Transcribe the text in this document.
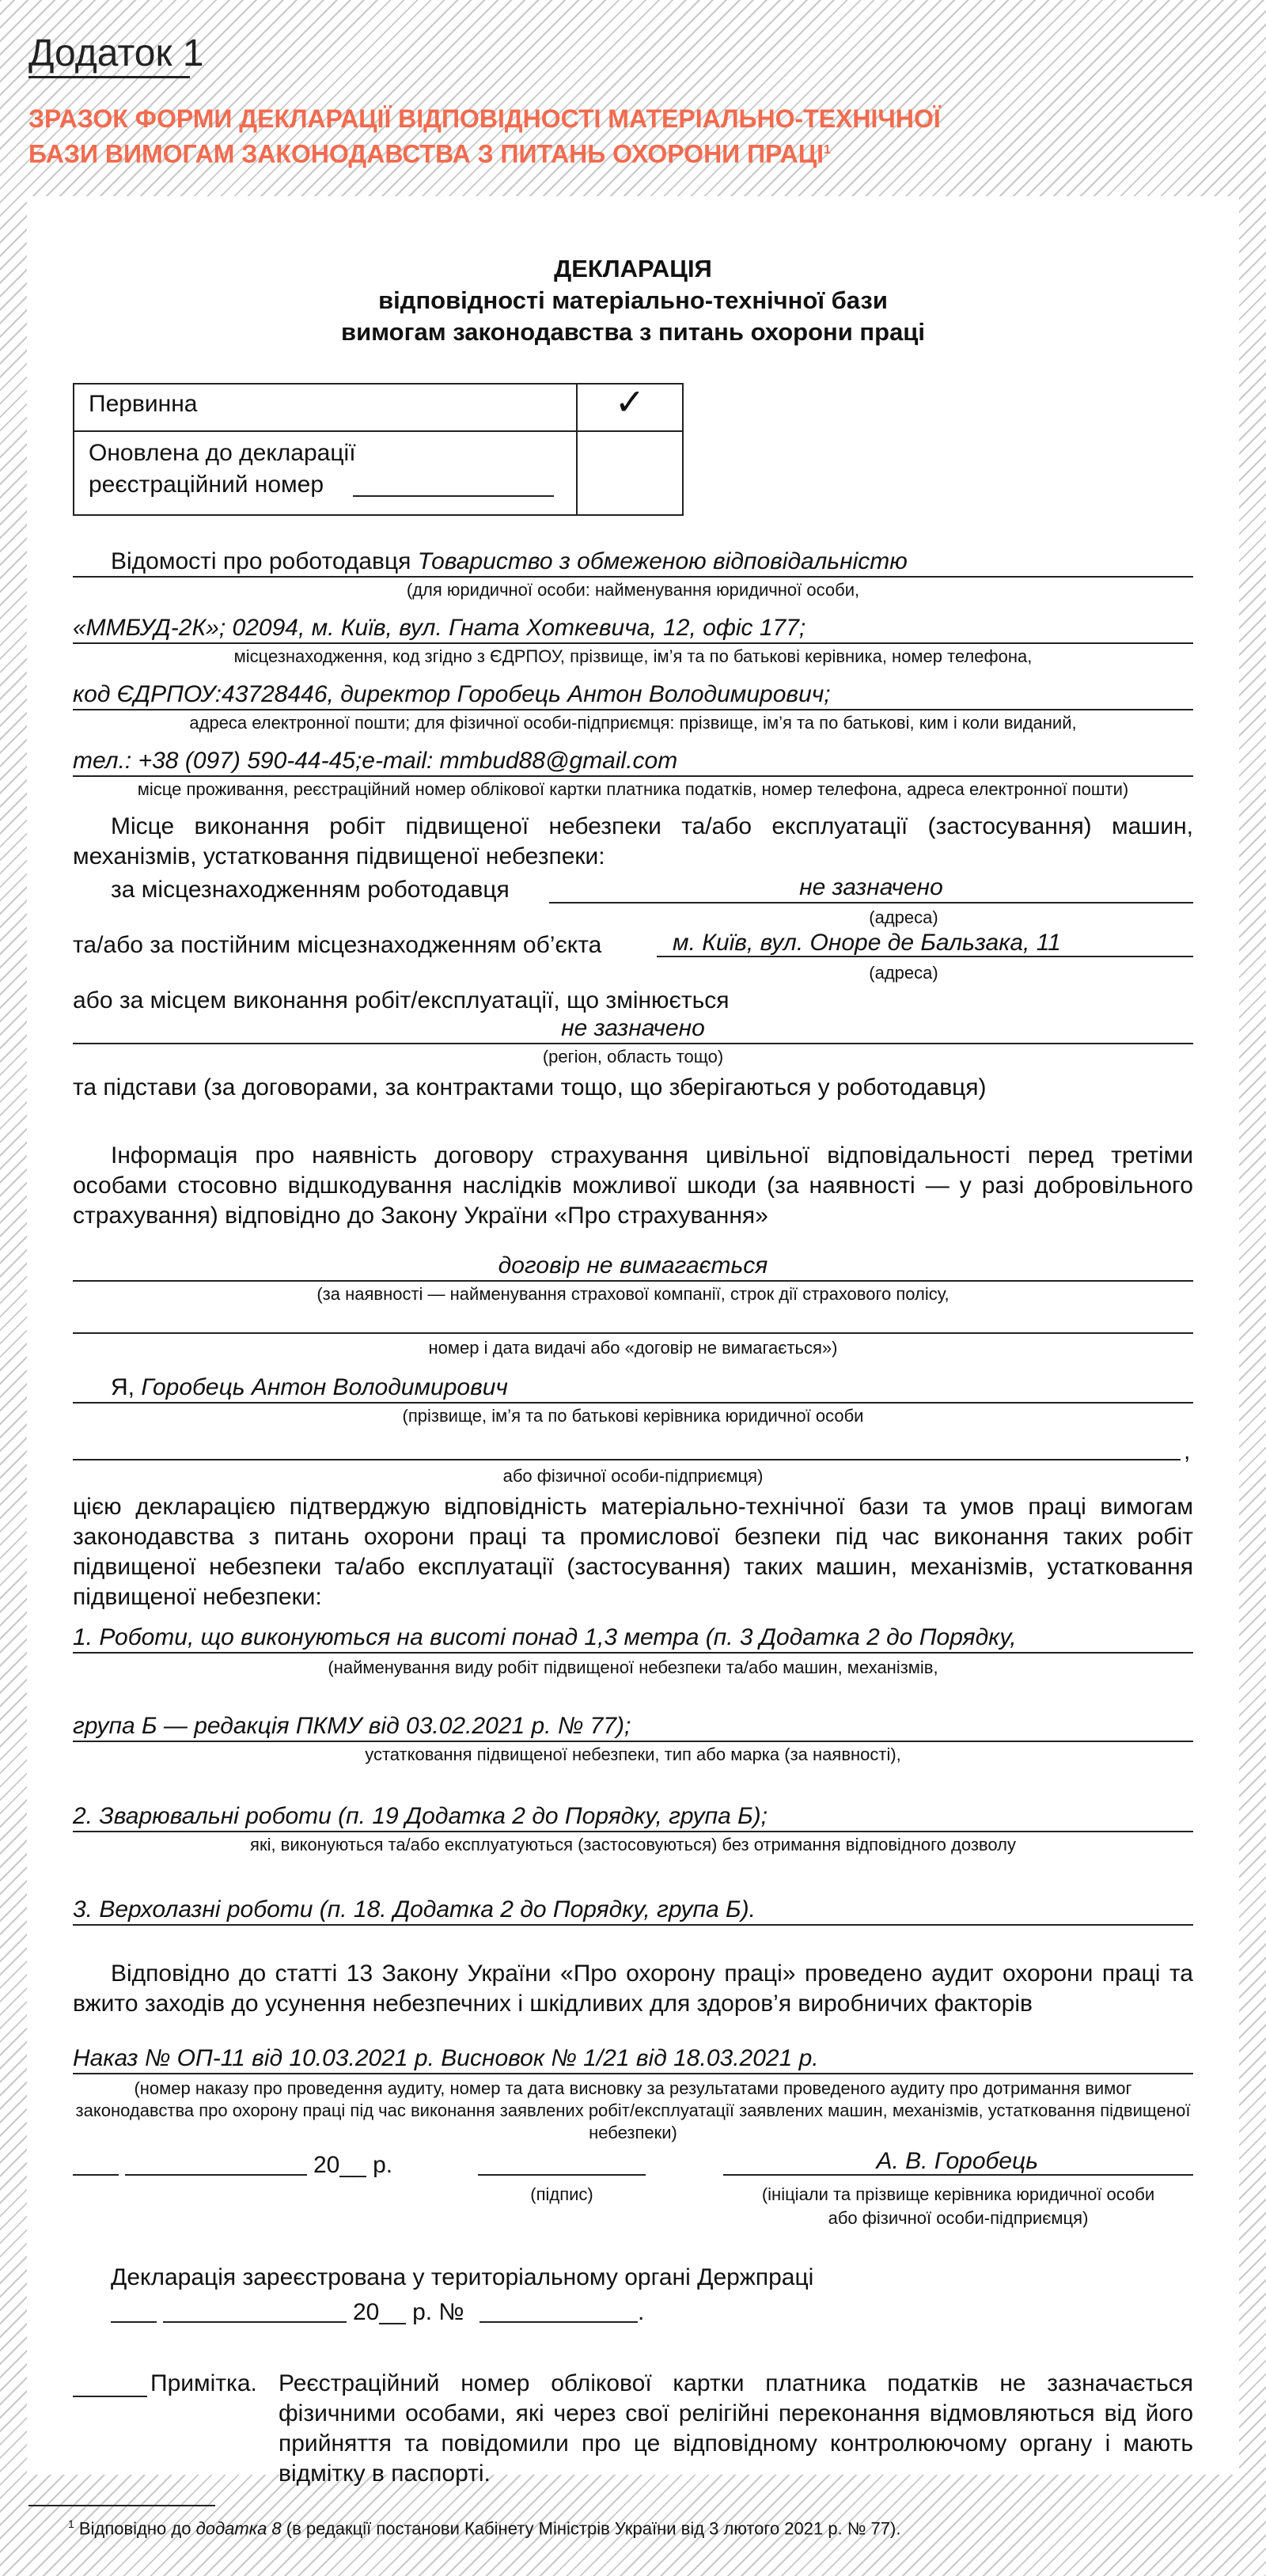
Додаток 1
ЗРАЗОК ФОРМИ ДЕКЛАРАЦІЇ ВІДПОВІДНОСТІ МАТЕРІАЛЬНО-ТЕХНІЧНОЇ
БАЗИ ВИМОГАМ ЗАКОНОДАВСТВА З ПИТАНЬ ОХОРОНИ ПРАЦІ$^1$
ДЕКЛАРАЦІЯ
відповідності матеріально-технічної бази
вимогам законодавства з питань охорони праці
Первинна	✓
Оновлена до декларації
реєстраційний номер
Відомості про роботодавця Товариство з обмеженою відповідальністю
(для юридичної особи: найменування юридичної особи,
«ММБУД-2К»; 02094, м. Київ, вул. Гната Хоткевича, 12, офіс 177;
місцезнаходження, код згідно з ЄДРПОУ, прізвище, ім’я та по батькові керівника, номер телефона,
код ЄДРПОУ:43728446, директор Горобець Антон Володимирович;
адреса електронної пошти; для фізичної особи-підприємця: прізвище, ім’я та по батькові, ким і коли виданий,
тел.: +38 (097) 590-44-45;e-mail: mmbud88@gmail.com
місце проживання, реєстраційний номер облікової картки платника податків, номер телефона, адреса електронної пошти)
Місце виконання робіт підвищеної небезпеки та/або експлуатації (застосування) машин, механізмів, устатковання підвищеної небезпеки:
за місцезнаходженням роботодавця	не зазначено
(адреса)
та/або за постійним місцезнаходженням об’єкта	м. Київ, вул. Оноре де Бальзака, 11
(адреса)
або за місцем виконання робіт/експлуатації, що змінюється
не зазначено
(регіон, область тощо)
та підстави (за договорами, за контрактами тощо, що зберігаються у роботодавця)
Інформація про наявність договору страхування цивільної відповідальності перед третіми особами стосовно відшкодування наслідків можливої шкоди (за наявності — у разі добровільного страхування) відповідно до Закону України «Про страхування»
договір не вимагається
(за наявності — найменування страхової компанії, строк дії страхового полісу,
номер і дата видачі або «договір не вимагається»)
Я, Горобець Антон Володимирович
(прізвище, ім’я та по батькові керівника юридичної особи
,
або фізичної особи-підприємця)
цією декларацією підтверджую відповідність матеріально-технічної бази та умов праці вимогам законодавства з питань охорони праці та промислової безпеки під час виконання таких робіт підвищеної небезпеки та/або експлуатації (застосування) таких машин, механізмів, устатковання підвищеної небезпеки:
1. Роботи, що виконуються на висоті понад 1,3 метра (п. 3 Додатка 2 до Порядку,
(найменування виду робіт підвищеної небезпеки та/або машин, механізмів,
група Б — редакція ПКМУ від 03.02.2021 р. № 77);
устатковання підвищеної небезпеки, тип або марка (за наявності),
2. Зварювальні роботи (п. 19 Додатка 2 до Порядку, група Б);
які, виконуються та/або експлуатуються (застосовуються) без отримання відповідного дозволу
3. Верхолазні роботи (п. 18. Додатка 2 до Порядку, група Б).
Відповідно до статті 13 Закону України «Про охорону праці» проведено аудит охорони праці та вжито заходів до усунення небезпечних і шкідливих для здоров’я виробничих факторів
Наказ № ОП-11 від 10.03.2021 р. Висновок № 1/21 від 18.03.2021 р.
(номер наказу про проведення аудиту, номер та дата висновку за результатами проведеного аудиту про дотримання вимог законодавства про охорону праці під час виконання заявлених робіт/експлуатації заявлених машин, механізмів, устатковання підвищеної небезпеки)
20__ р.
(підпис)
А. В. Горобець
(ініціали та прізвище керівника юридичної особи
або фізичної особи-підприємця)
Декларація зареєстрована у територіальному органі Держпраці
20__ р. №	.
Примітка. Реєстраційний номер облікової картки платника податків не зазначається фізичними особами, які через свої релігійні переконання відмовляються від його прийняття та повідомили про це відповідному контролюючому органу і мають відмітку в паспорті.
$^1$ Відповідно до додатка 8 (в редакції постанови Кабінету Міністрів України від 3 лютого 2021 р. № 77).
